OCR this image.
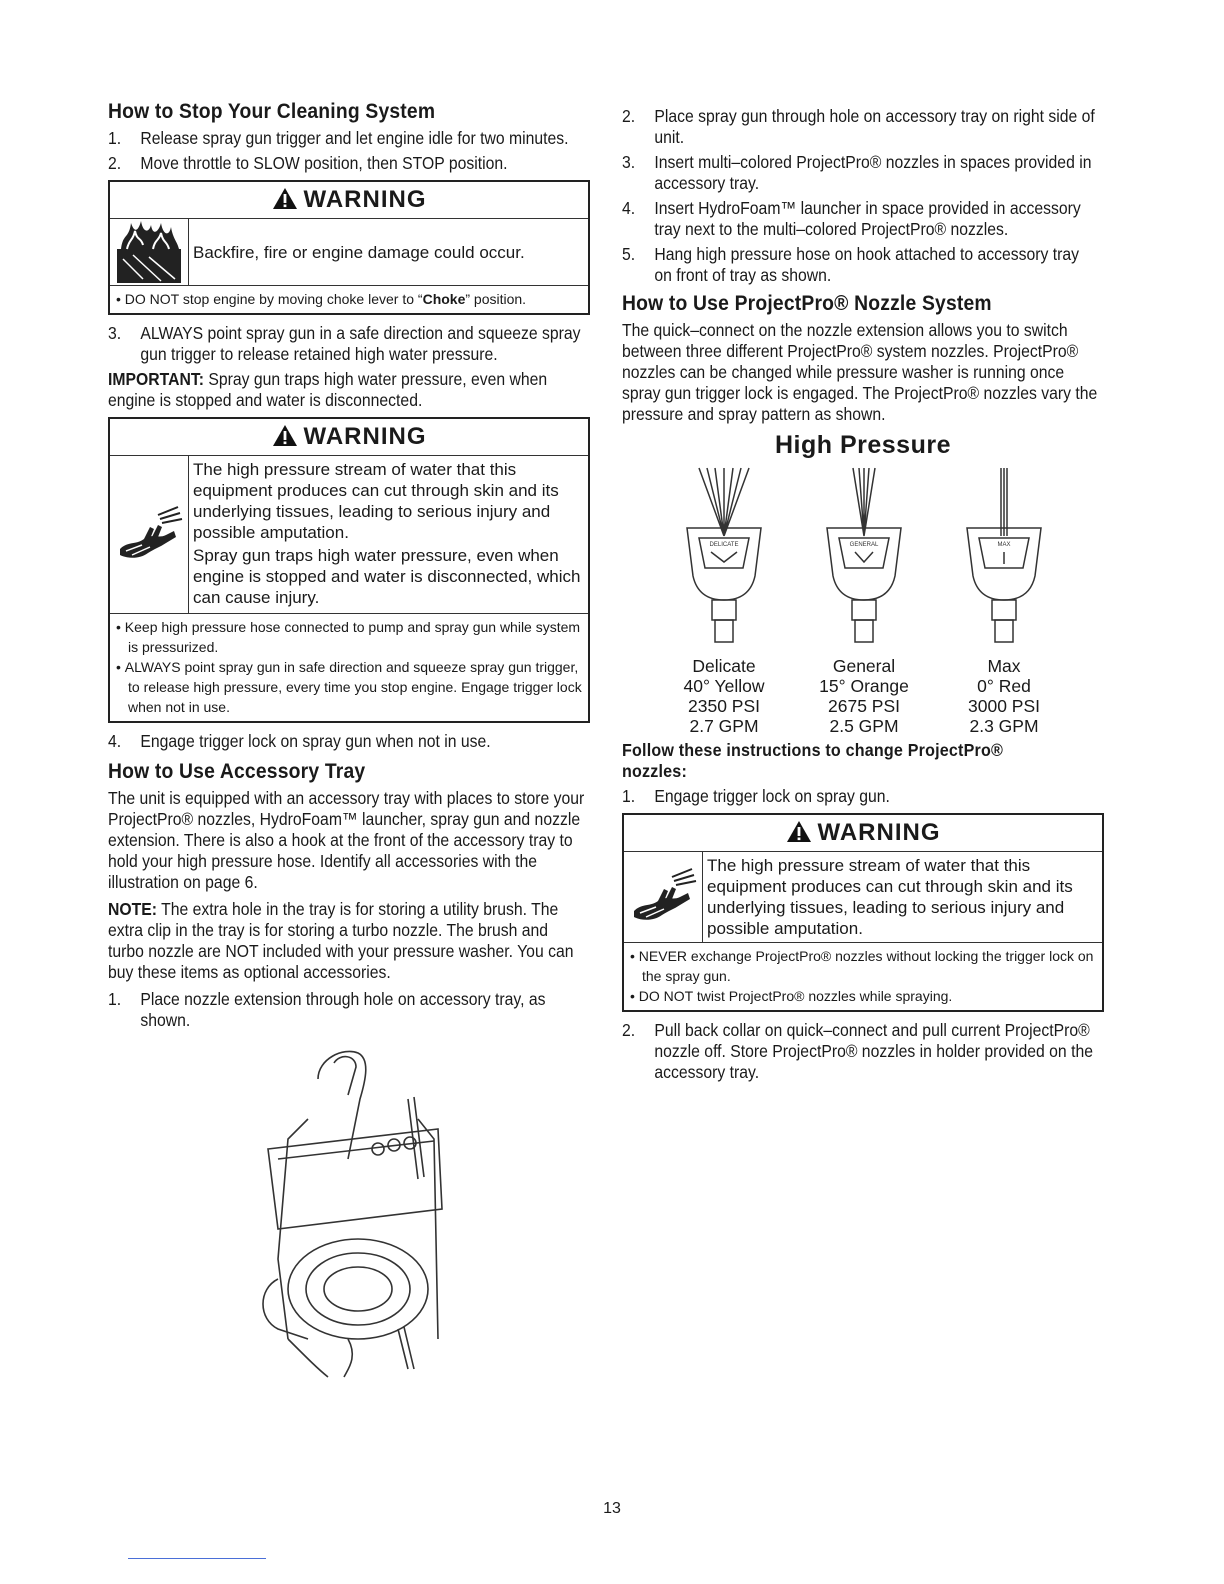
How to Stop Your Cleaning System
1.	Release spray gun trigger and let engine idle for two minutes.
2.	Move throttle to SLOW position, then STOP position.
WARNING
Backfire, fire or engine damage could occur.
• DO NOT stop engine by moving choke lever to “Choke” position.
3.	ALWAYS point spray gun in a safe direction and squeeze spray gun trigger to release retained high water pressure.

IMPORTANT: Spray gun traps high water pressure, even when engine is stopped and water is disconnected.

WARNING

The high pressure stream of water that this equipment produces can cut through skin and its underlying tissues, leading to serious injury and possible amputation.

Spray gun traps high water pressure, even when engine is stopped and water is disconnected, which can cause injury.

• Keep high pressure hose connected to pump and spray gun while system is pressurized.
• ALWAYS point spray gun in safe direction and squeeze spray gun trigger, to release high pressure, every time you stop engine. Engage trigger lock when not in use.
4.	Engage trigger lock on spray gun when not in use.
How to Use Accessory Tray

The unit is equipped with an accessory tray with places to store your ProjectPro® nozzles, HydroFoam™ launcher, spray gun and nozzle extension. There is also a hook at the front of the accessory tray to hold your high pressure hose. Identify all accessories with the illustration on page 6.

NOTE: The extra hole in the tray is for storing a utility brush. The extra clip in the tray is for storing a turbo nozzle. The brush and turbo nozzle are NOT included with your pressure washer. You can buy these items as optional accessories.

1.	Place nozzle extension through hole on accessory tray, as shown.
2.	Place spray gun through hole on accessory tray on right side of unit.
3.	Insert multi–colored ProjectPro® nozzles in spaces provided in accessory tray.
4.	Insert HydroFoam™ launcher in space provided in accessory tray next to the multi–colored ProjectPro® nozzles.
5.	Hang high pressure hose on hook attached to accessory tray on front of tray as shown.
How to Use ProjectPro® Nozzle System

The quick–connect on the nozzle extension allows you to switch between three different ProjectPro® system nozzles. ProjectPro® nozzles can be changed while pressure washer is running once spray gun trigger lock is engaged. The ProjectPro® nozzles vary the pressure and spray pattern as shown.

High Pressure
DELICATE
Delicate
40° Yellow
2350 PSI
2.7 GPM
GENERAL
General
15° Orange
2675 PSI
2.5 GPM
MAX
Max
0° Red
3000 PSI
2.3 GPM
Follow these instructions to change ProjectPro® nozzles:
1.	Engage trigger lock on spray gun.
WARNING
The high pressure stream of water that this equipment produces can cut through skin and its underlying tissues, leading to serious injury and possible amputation.
• NEVER exchange ProjectPro® nozzles without locking the trigger lock on the spray gun.
• DO NOT twist ProjectPro® nozzles while spraying.
2.	Pull back collar on quick–connect and pull current ProjectPro® nozzle off. Store ProjectPro® nozzles in holder provided on the accessory tray.
13
